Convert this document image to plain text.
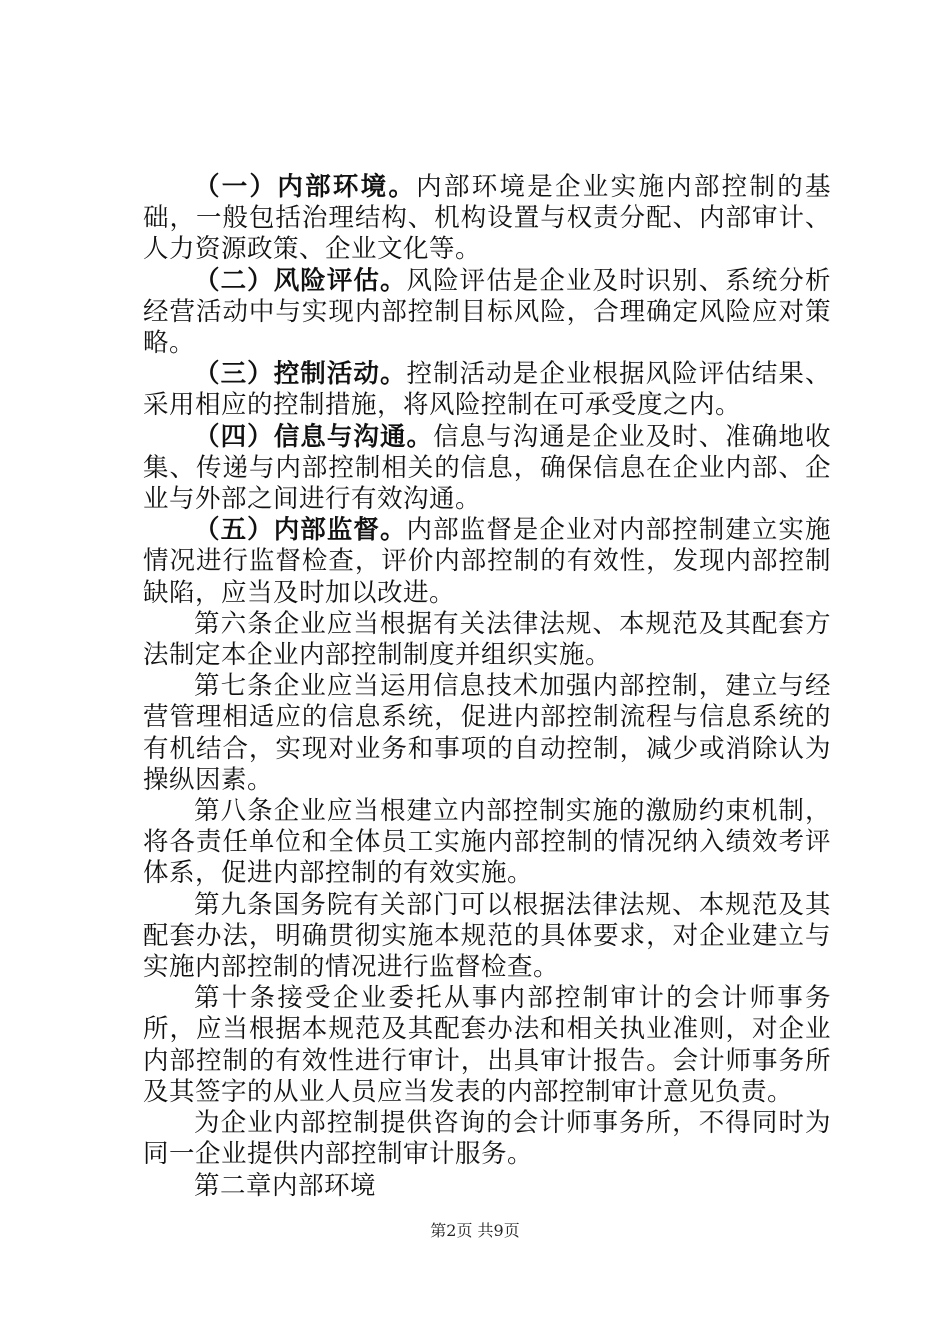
（一）内部环境。内部环境是企业实施内部控制的基础，一般包括治理结构、机构设置与权责分配、内部审计、人力资源政策、企业文化等。

（二）风险评估。风险评估是企业及时识别、系统分析经营活动中与实现内部控制目标风险，合理确定风险应对策略。

（三）控制活动。控制活动是企业根据风险评估结果、采用相应的控制措施，将风险控制在可承受度之内。

（四）信息与沟通。信息与沟通是企业及时、准确地收集、传递与内部控制相关的信息，确保信息在企业内部、企业与外部之间进行有效沟通。

（五）内部监督。内部监督是企业对内部控制建立实施情况进行监督检查，评价内部控制的有效性，发现内部控制缺陷，应当及时加以改进。

第六条企业应当根据有关法律法规、本规范及其配套方法制定本企业内部控制制度并组织实施。

第七条企业应当运用信息技术加强内部控制，建立与经营管理相适应的信息系统，促进内部控制流程与信息系统的有机结合，实现对业务和事项的自动控制，减少或消除认为操纵因素。

第八条企业应当根建立内部控制实施的激励约束机制，将各责任单位和全体员工实施内部控制的情况纳入绩效考评体系，促进内部控制的有效实施。

第九条国务院有关部门可以根据法律法规、本规范及其配套办法，明确贯彻实施本规范的具体要求，对企业建立与实施内部控制的情况进行监督检查。

第十条接受企业委托从事内部控制审计的会计师事务所，应当根据本规范及其配套办法和相关执业准则，对企业内部控制的有效性进行审计，出具审计报告。会计师事务所及其签字的从业人员应当发表的内部控制审计意见负责。

为企业内部控制提供咨询的会计师事务所，不得同时为同一企业提供内部控制审计服务。

第二章内部环境

第2页 共9页
